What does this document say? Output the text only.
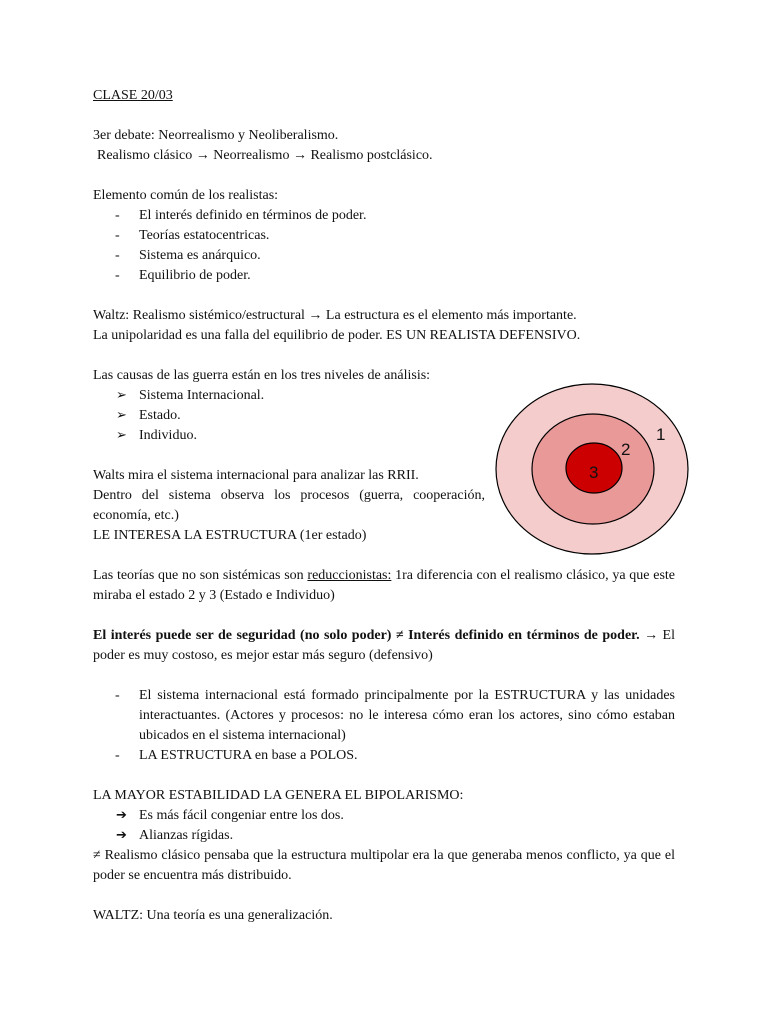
CLASE 20/03

3er debate: Neorrealismo y Neoliberalismo.

Realismo clásico → Neorrealismo → Realismo postclásico.

Elemento común de los realistas:

- El interés definido en términos de poder.
- Teorías estatocentricas.
- Sistema es anárquico.
- Equilibrio de poder.

Waltz: Realismo sistémico/estructural → La estructura es el elemento más importante.

La unipolaridad es una falla del equilibrio de poder. ES UN REALISTA DEFENSIVO.

Las causas de las guerra están en los tres niveles de análisis:

➢ Sistema Internacional.
➢ Estado.
➢ Individuo.

Walts mira el sistema internacional para analizar las RRII.

Dentro del sistema observa los procesos (guerra, cooperación, economía, etc.)

LE INTERESA LA ESTRUCTURA (1er estado)

Las teorías que no son sistémicas son reduccionistas: 1ra diferencia con el realismo clásico, ya que este miraba el estado 2 y 3 (Estado e Individuo)

El interés puede ser de seguridad (no solo poder) ≠ Interés definido en términos de poder. → El poder es muy costoso, es mejor estar más seguro (defensivo)

- El sistema internacional está formado principalmente por la ESTRUCTURA y las unidades interactuantes. (Actores y procesos: no le interesa cómo eran los actores, sino cómo estaban ubicados en el sistema internacional)
- LA ESTRUCTURA en base a POLOS.

LA MAYOR ESTABILIDAD LA GENERA EL BIPOLARISMO:

➔ Es más fácil congeniar entre los dos.
➔ Alianzas rígidas.

≠ Realismo clásico pensaba que la estructura multipolar era la que generaba menos conflicto, ya que el poder se encuentra más distribuido.

WALTZ: Una teoría es una generalización.

1
2
3
